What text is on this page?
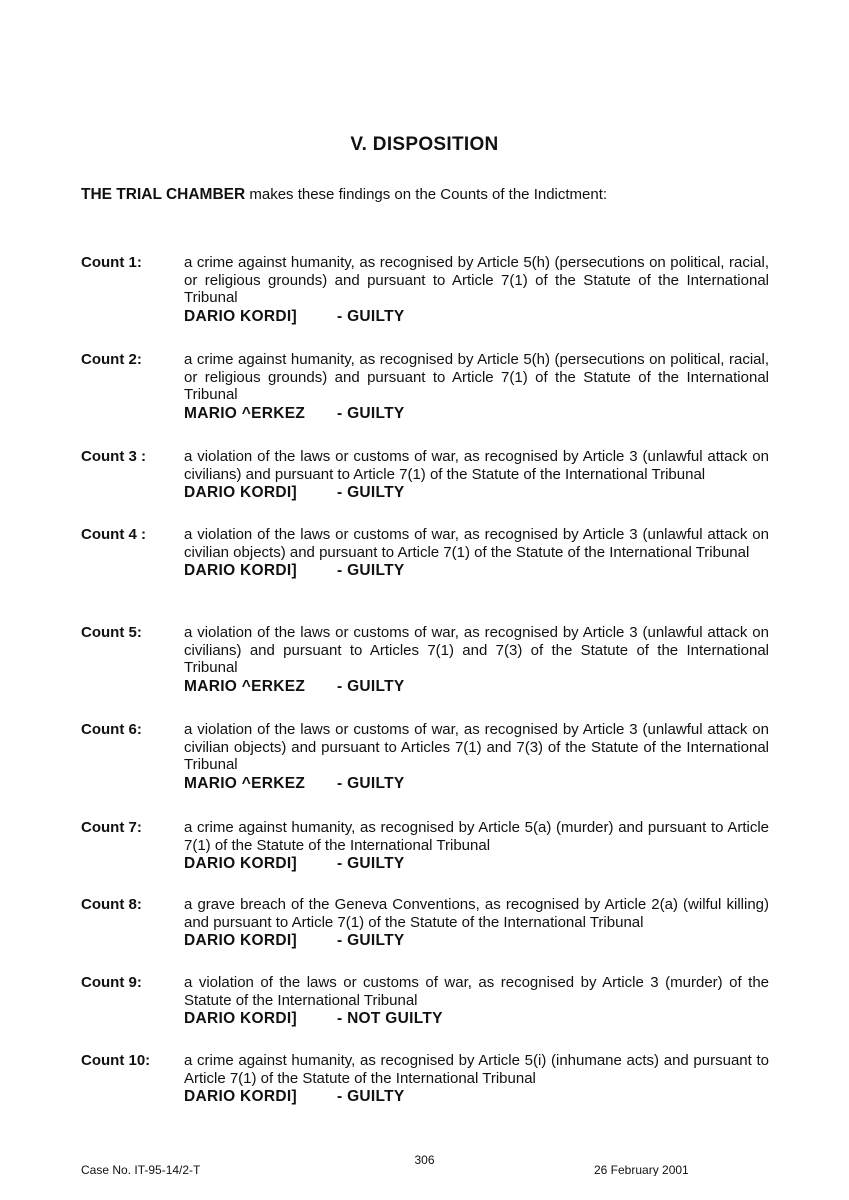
V. DISPOSITION
THE TRIAL CHAMBER makes these findings on the Counts of the Indictment:
Count 1:	a crime against humanity, as recognised by Article 5(h) (persecutions on political, racial, or religious grounds) and pursuant to Article 7(1) of the Statute of the International Tribunal
DARIO KORDI]	- GUILTY
Count 2:	a crime against humanity, as recognised by Article 5(h) (persecutions on political, racial, or religious grounds) and pursuant to Article 7(1) of the Statute of the International Tribunal
MARIO ^ERKEZ	- GUILTY
Count 3 :	a violation of the laws or customs of war, as recognised by Article 3 (unlawful attack on civilians) and pursuant to Article 7(1) of the Statute of the International Tribunal
DARIO KORDI]	- GUILTY
Count 4 :	a violation of the laws or customs of war, as recognised by Article 3 (unlawful attack on civilian objects) and pursuant to Article 7(1) of the Statute of the International Tribunal
DARIO KORDI]	- GUILTY
Count 5:	a violation of the laws or customs of war, as recognised by Article 3 (unlawful attack on civilians) and pursuant to Articles 7(1) and 7(3) of the Statute of the International Tribunal
MARIO ^ERKEZ	- GUILTY
Count 6:	a violation of the laws or customs of war, as recognised by Article 3 (unlawful attack on civilian objects) and pursuant to Articles 7(1) and 7(3) of the Statute of the International Tribunal
MARIO ^ERKEZ	- GUILTY
Count 7:	a crime against humanity, as recognised by Article 5(a) (murder) and pursuant to Article 7(1) of the Statute of the International Tribunal
DARIO KORDI]	- GUILTY
Count 8:	a grave breach of the Geneva Conventions, as recognised by Article 2(a) (wilful killing) and pursuant to Article 7(1) of the Statute of the International Tribunal
DARIO KORDI]	- GUILTY
Count 9:	a violation of the laws or customs of war, as recognised by Article 3 (murder) of the Statute of the International Tribunal
DARIO KORDI]	- NOT GUILTY
Count 10:	a crime against humanity, as recognised by Article 5(i) (inhumane acts) and pursuant to Article 7(1) of the Statute of the International Tribunal
DARIO KORDI]	- GUILTY
306
Case No. IT-95-14/2-T	26 February 2001
